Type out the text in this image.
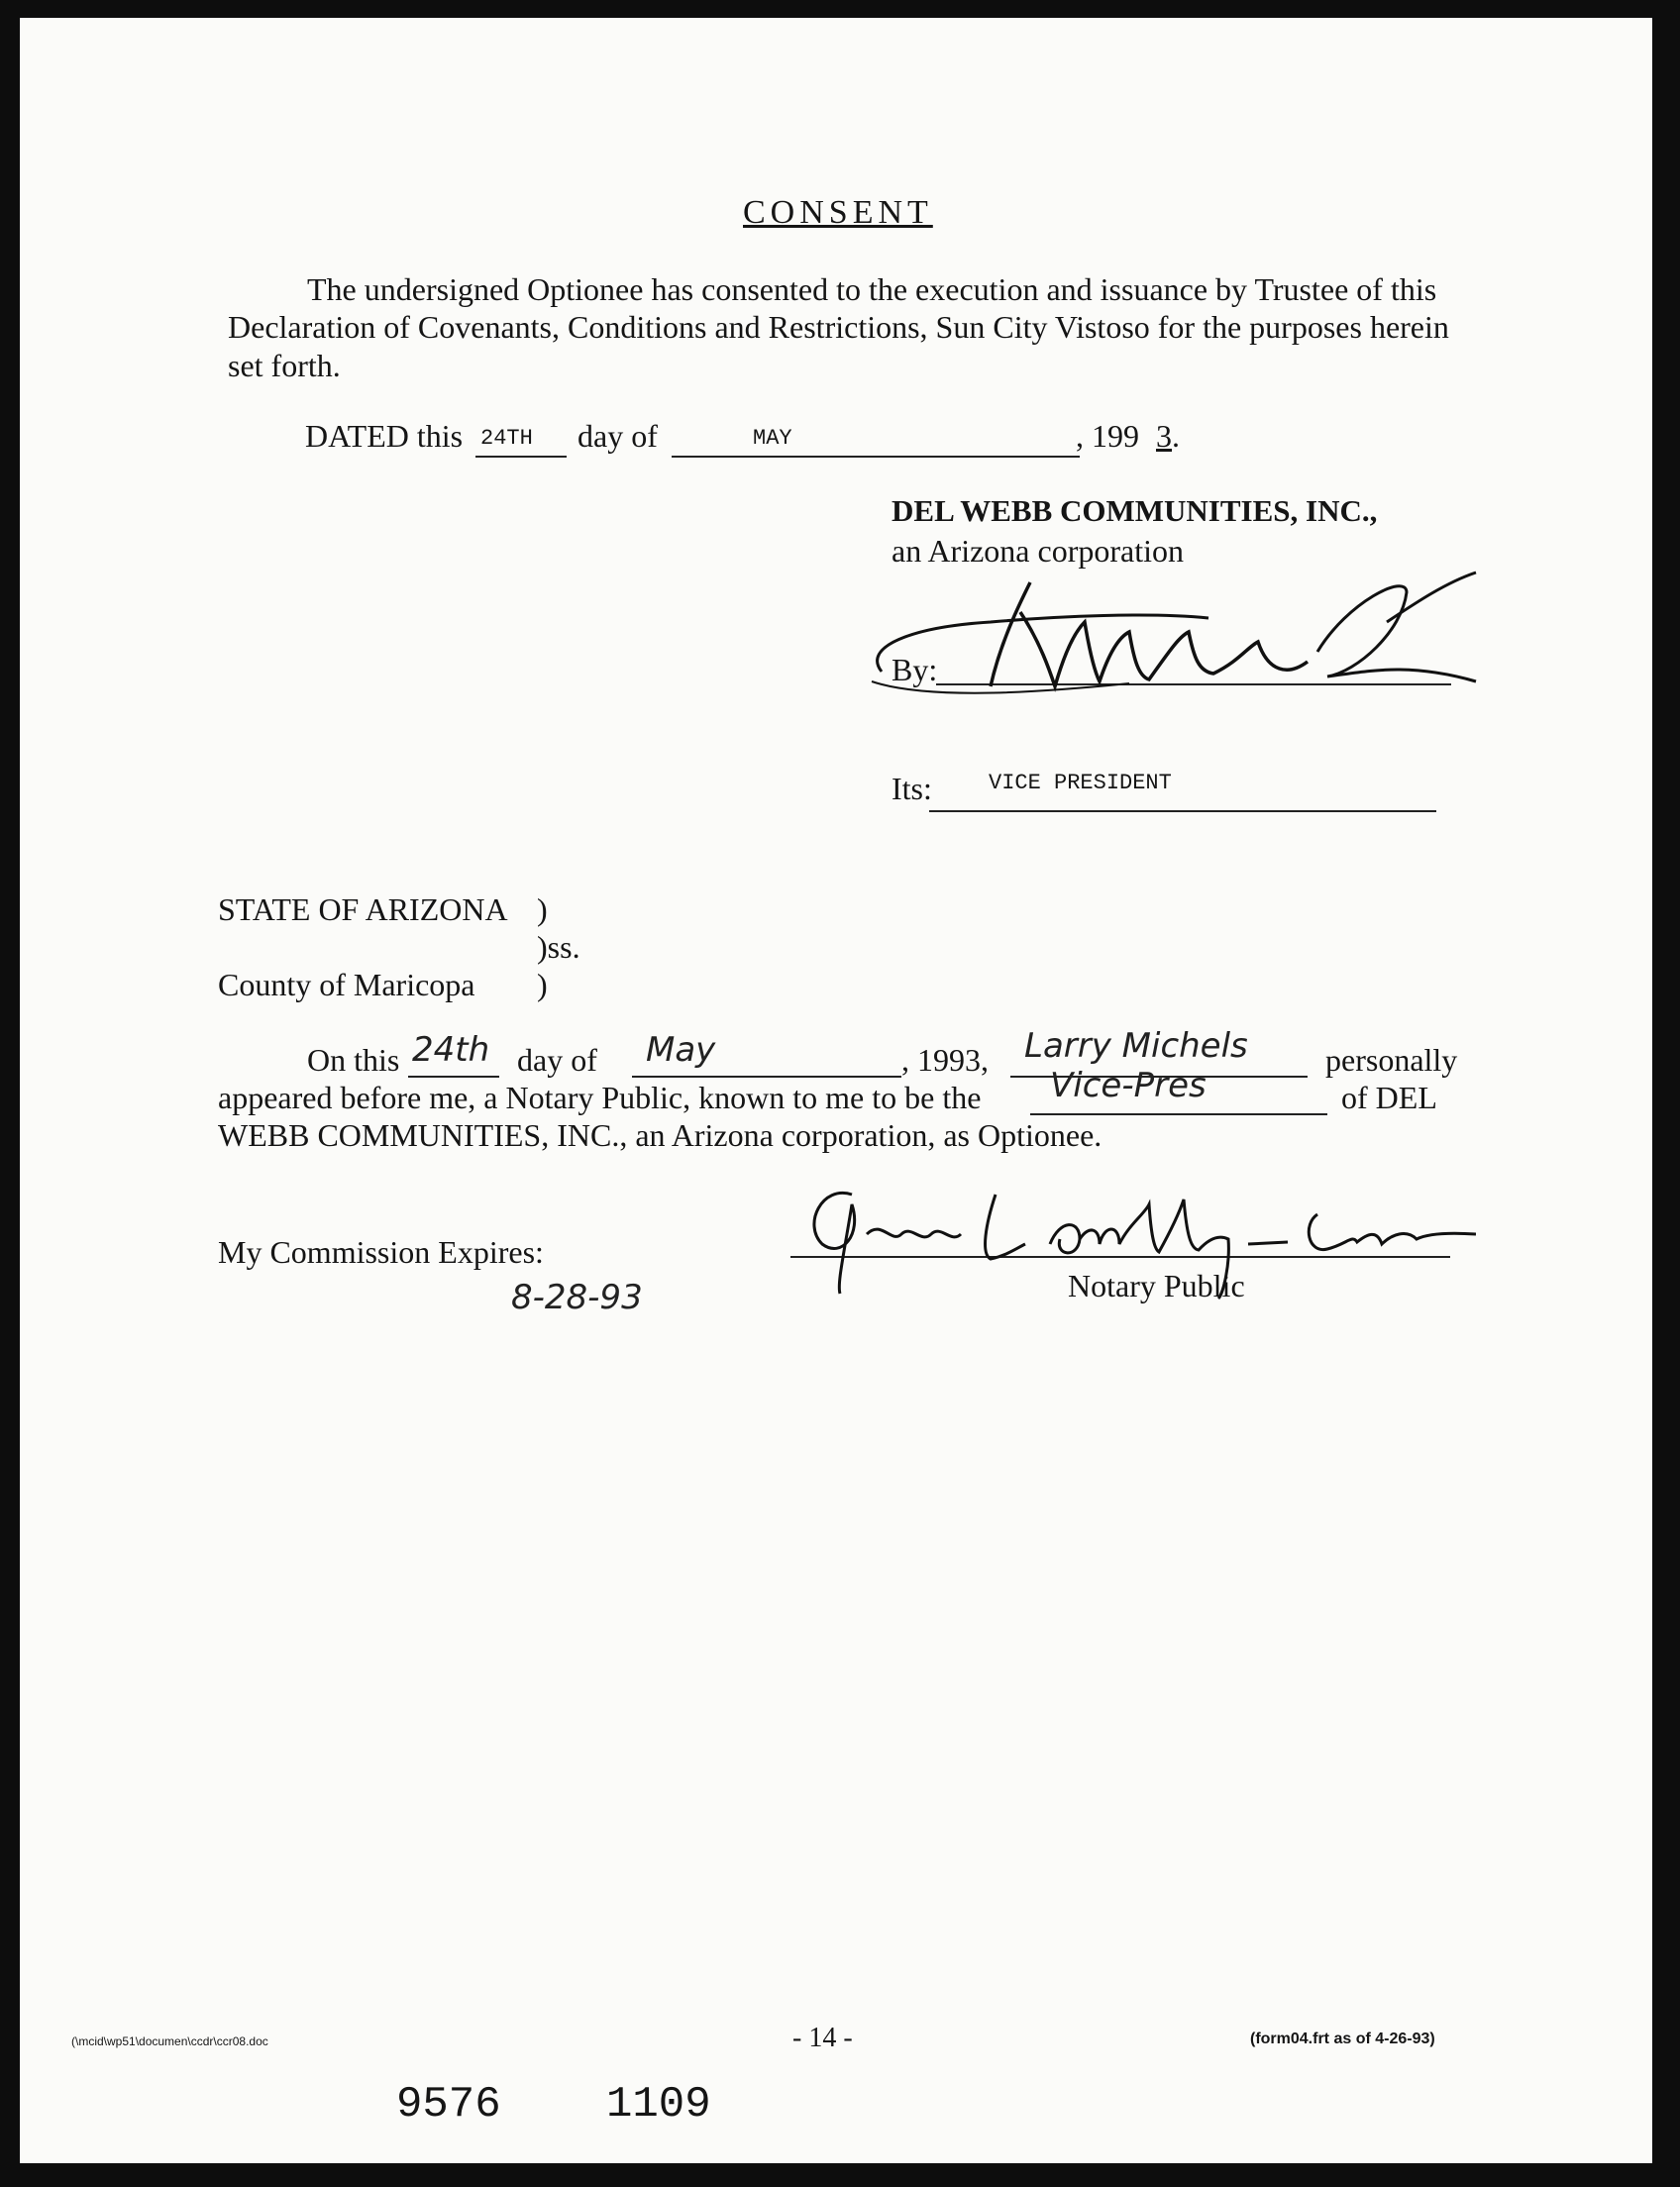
CONSENT
The undersigned Optionee has consented to the execution and issuance by Trustee of this
Declaration of Covenants, Conditions and Restrictions, Sun City Vistoso for the purposes herein
set forth.
DATED this 24TH day of	MAY	, 199 3 .
DEL WEBB COMMUNITIES, INC.,
an Arizona corporation
By:
Its:	VICE PRESIDENT
STATE OF ARIZONA )
)ss.
County of Maricopa )
On this 24th day of May	, 1993, Larry Michels personally
appeared before me, a Notary Public, known to me to be the Vice-Pres	of DEL
WEBB COMMUNITIES, INC., an Arizona corporation, as Optionee.
My Commission Expires:
8-28-93	Notary Public
(\mcid\wp51\documen\ccdr\ccr08.doc	- 14 -	(form04.frt as of 4-26-93)
9576 1109
